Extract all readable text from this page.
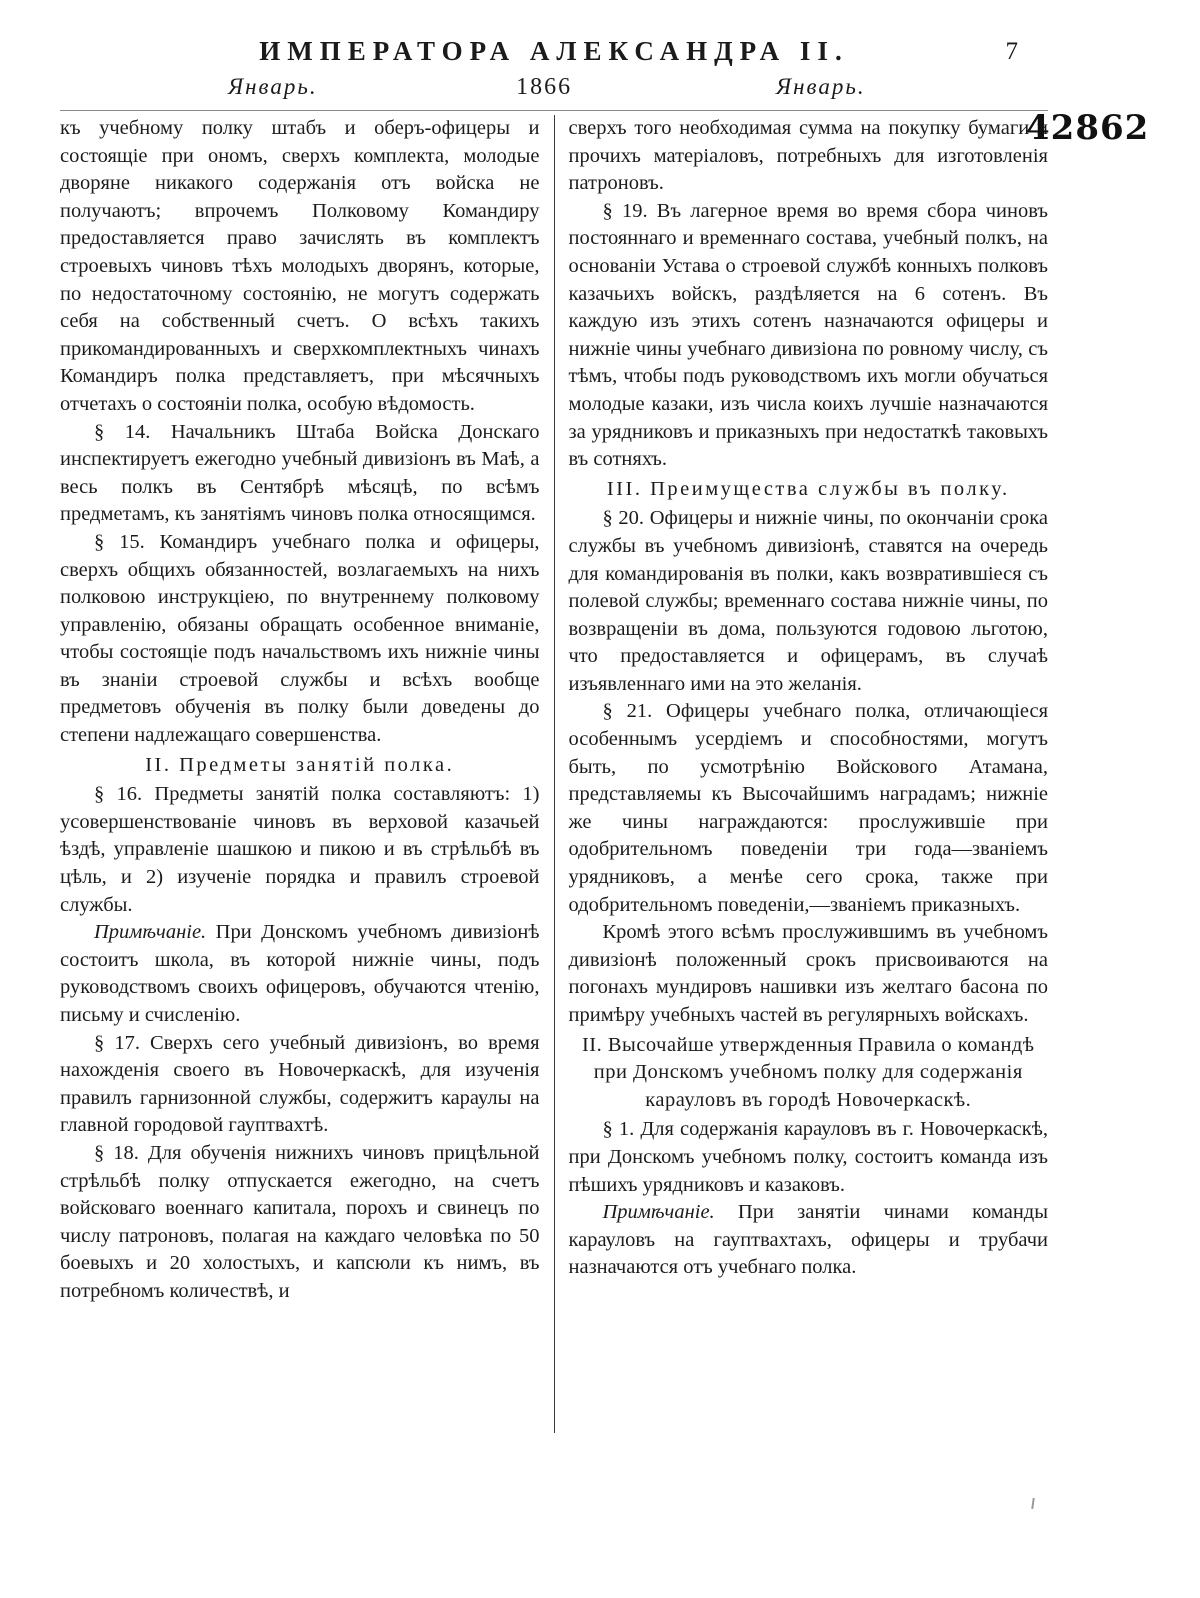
ИМПЕРАТОРА АЛЕКСАНДРА II.	7
Январь.	1866	Январь.
42862

къ учебному полку штабъ и оберъ-офицеры и состоящіе при ономъ, сверхъ комплекта, молодые дворяне никакого содержанія отъ войска не получаютъ; впрочемъ Полковому Командиру предоставляется право зачислять въ комплектъ строевыхъ чиновъ тѣхъ молодыхъ дворянъ, которые, по недостаточному состоянію, не могутъ содержать себя на собственный счетъ. О всѣхъ такихъ прикомандированныхъ и сверхкомплектныхъ чинахъ Командиръ полка представляетъ, при мѣсячныхъ отчетахъ о состояніи полка, особую вѣдомость.

§ 14. Начальникъ Штаба Войска Донскаго инспектируетъ ежегодно учебный дивизіонъ въ Маѣ, а весь полкъ въ Сентябрѣ мѣсяцѣ, по всѣмъ предметамъ, къ занятіямъ чиновъ полка относящимся.

§ 15. Командиръ учебнаго полка и офицеры, сверхъ общихъ обязанностей, возлагаемыхъ на нихъ полковою инструкціею, по внутреннему полковому управленію, обязаны обращать особенное вниманіе, чтобы состоящіе подъ начальствомъ ихъ нижніе чины въ знаніи строевой службы и всѣхъ вообще предметовъ обученія въ полку были доведены до степени надлежащаго совершенства.

II. Предметы занятій полка.

§ 16. Предметы занятій полка составляютъ: 1) усовершенствованіе чиновъ въ верховой казачьей ѣздѣ, управленіе шашкою и пикою и въ стрѣльбѣ въ цѣль, и 2) изученіе порядка и правилъ строевой службы.

Примѣчаніе. При Донскомъ учебномъ дивизіонѣ состоитъ школа, въ которой нижніе чины, подъ руководствомъ своихъ офицеровъ, обучаются чтенію, письму и счисленію.

§ 17. Сверхъ сего учебный дивизіонъ, во время нахожденія своего въ Новочеркаскѣ, для изученія правилъ гарнизонной службы, содержитъ караулы на главной городовой гауптвахтѣ.

§ 18. Для обученія нижнихъ чиновъ прицѣльной стрѣльбѣ полку отпускается ежегодно, на счетъ войсковаго военнаго капитала, порохъ и свинецъ по числу патроновъ, полагая на каждаго человѣка по 50 боевыхъ и 20 холостыхъ, и капсюли къ нимъ, въ потребномъ количествѣ, и

сверхъ того необходимая сумма на покупку бумаги и прочихъ матеріаловъ, потребныхъ для изготовленія патроновъ.

§ 19. Въ лагерное время во время сбора чиновъ постояннаго и временнаго состава, учебный полкъ, на основаніи Устава о строевой службѣ конныхъ полковъ казачьихъ войскъ, раздѣляется на 6 сотенъ. Въ каждую изъ этихъ сотенъ назначаются офицеры и нижніе чины учебнаго дивизіона по ровному числу, съ тѣмъ, чтобы подъ руководствомъ ихъ могли обучаться молодые казаки, изъ числа коихъ лучшіе назначаются за урядниковъ и приказныхъ при недостаткѣ таковыхъ въ сотняхъ.

III. Преимущества службы въ полку.

§ 20. Офицеры и нижніе чины, по окончаніи срока службы въ учебномъ дивизіонѣ, ставятся на очередь для командированія въ полки, какъ возвратившіеся съ полевой службы; временнаго состава нижніе чины, по возвращеніи въ дома, пользуются годовою льготою, что предоставляется и офицерамъ, въ случаѣ изъявленнаго ими на это желанія.

§ 21. Офицеры учебнаго полка, отличающіеся особеннымъ усердіемъ и способностями, могутъ быть, по усмотрѣнію Войскового Атамана, представляемы къ Высочайшимъ наградамъ; нижніе же чины награждаются: прослужившіе при одобрительномъ поведеніи три года—званіемъ урядниковъ, а менѣе сего срока, также при одобрительномъ поведеніи,—званіемъ приказныхъ.

Кромѣ этого всѣмъ прослужившимъ въ учебномъ дивизіонѣ положенный срокъ присвоиваются на погонахъ мундировъ нашивки изъ желтаго басона по примѣру учебныхъ частей въ регулярныхъ войскахъ.

II. Высочайше утвержденныя Правила о командѣ при Донскомъ учебномъ полку для содержанія карауловъ въ городѣ Новочеркаскѣ.

§ 1. Для содержанія карауловъ въ г. Новочеркаскѣ, при Донскомъ учебномъ полку, состоитъ команда изъ пѣшихъ урядниковъ и казаковъ.

Примѣчаніе. При занятіи чинами команды карауловъ на гауптвахтахъ, офицеры и трубачи назначаются отъ учебнаго полка.
